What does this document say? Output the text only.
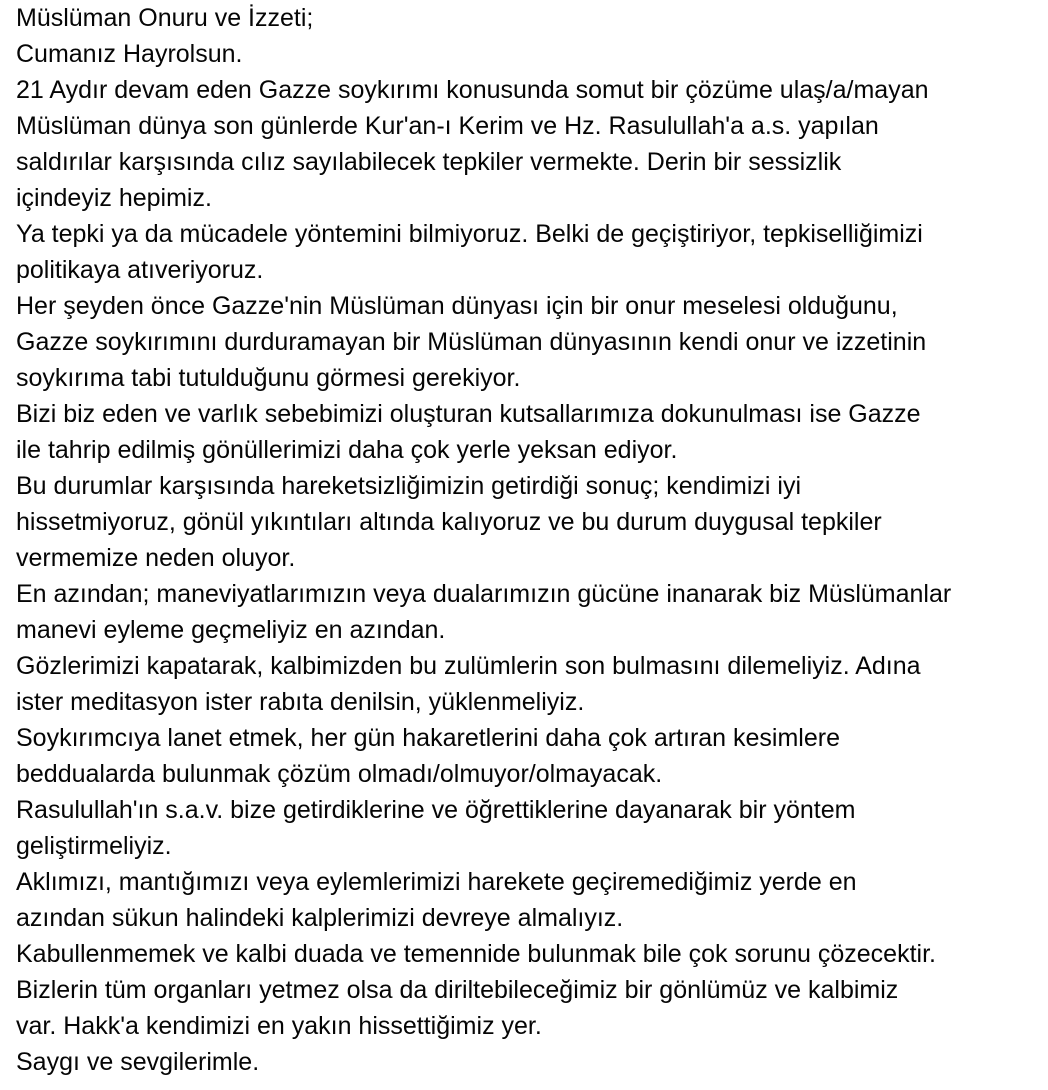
Müslüman Onuru ve İzzeti;
Cumanız Hayrolsun.
21 Aydır devam eden Gazze soykırımı konusunda somut bir çözüme ulaş/a/mayan
Müslüman dünya son günlerde Kur'an-ı Kerim ve Hz. Rasulullah'a a.s. yapılan
saldırılar karşısında cılız sayılabilecek tepkiler vermekte. Derin bir sessizlik
içindeyiz hepimiz.
Ya tepki ya da mücadele yöntemini bilmiyoruz. Belki de geçiştiriyor, tepkiselliğimizi
politikaya atıveriyoruz.
Her şeyden önce Gazze'nin Müslüman dünyası için bir onur meselesi olduğunu,
Gazze soykırımını durduramayan bir Müslüman dünyasının kendi onur ve izzetinin
soykırıma tabi tutulduğunu görmesi gerekiyor.
Bizi biz eden ve varlık sebebimizi oluşturan kutsallarımıza dokunulması ise Gazze
ile tahrip edilmiş gönüllerimizi daha çok yerle yeksan ediyor.
Bu durumlar karşısında hareketsizliğimizin getirdiği sonuç; kendimizi iyi
hissetmiyoruz, gönül yıkıntıları altında kalıyoruz ve bu durum duygusal tepkiler
vermemize neden oluyor.
En azından; maneviyatlarımızın veya dualarımızın gücüne inanarak biz Müslümanlar
manevi eyleme geçmeliyiz en azından.
Gözlerimizi kapatarak, kalbimizden bu zulümlerin son bulmasını dilemeliyiz. Adına
ister meditasyon ister rabıta denilsin, yüklenmeliyiz.
Soykırımcıya lanet etmek, her gün hakaretlerini daha çok artıran kesimlere
beddualarda bulunmak çözüm olmadı/olmuyor/olmayacak.
Rasulullah'ın s.a.v. bize getirdiklerine ve öğrettiklerine dayanarak bir yöntem
geliştirmeliyiz.
Aklımızı, mantığımızı veya eylemlerimizi harekete geçiremediğimiz yerde en
azından sükun halindeki kalplerimizi devreye almalıyız.
Kabullenmemek ve kalbi duada ve temennide bulunmak bile çok sorunu çözecektir.
Bizlerin tüm organları yetmez olsa da diriltebileceğimiz bir gönlümüz ve kalbimiz
var. Hakk'a kendimizi en yakın hissettiğimiz yer.
Saygı ve sevgilerimle.
